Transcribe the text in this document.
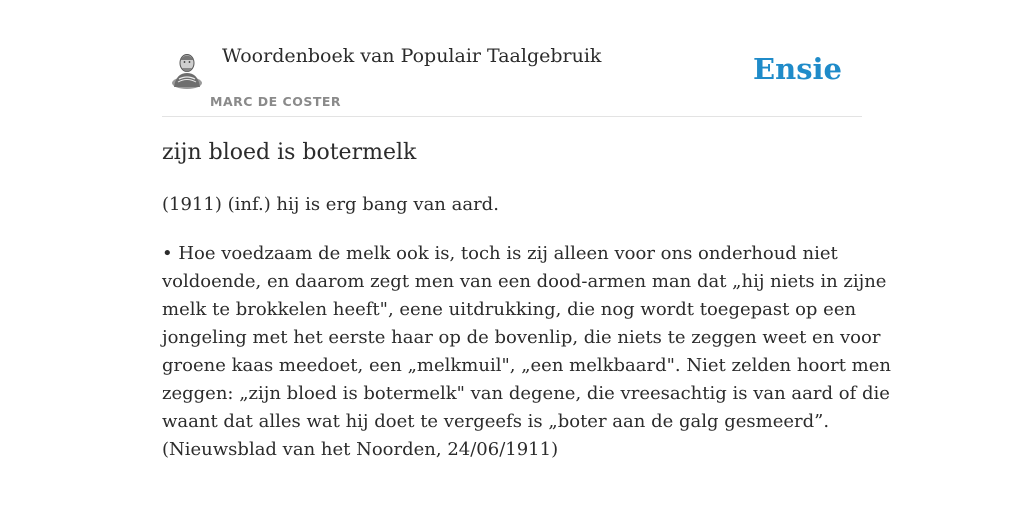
Woordenboek van Populair Taalgebruik
MARC DE COSTER
Ensie
zijn bloed is botermelk
(1911) (inf.) hij is erg bang van aard.

• Hoe voedzaam de melk ook is, toch is zij alleen voor ons onderhoud niet

voldoende, en daarom zegt men van een dood-armen man dat „hij niets in zijne

melk te brokkelen heeft", eene uitdrukking, die nog wordt toegepast op een

jongeling met het eerste haar op de bovenlip, die niets te zeggen weet en voor

groene kaas meedoet, een „melkmuil", „een melkbaard". Niet zelden hoort men

zeggen: „zijn bloed is botermelk" van degene, die vreesachtig is van aard of die

waant dat alles wat hij doet te vergeefs is „boter aan de galg gesmeerd”.

(Nieuwsblad van het Noorden, 24/06/1911)
